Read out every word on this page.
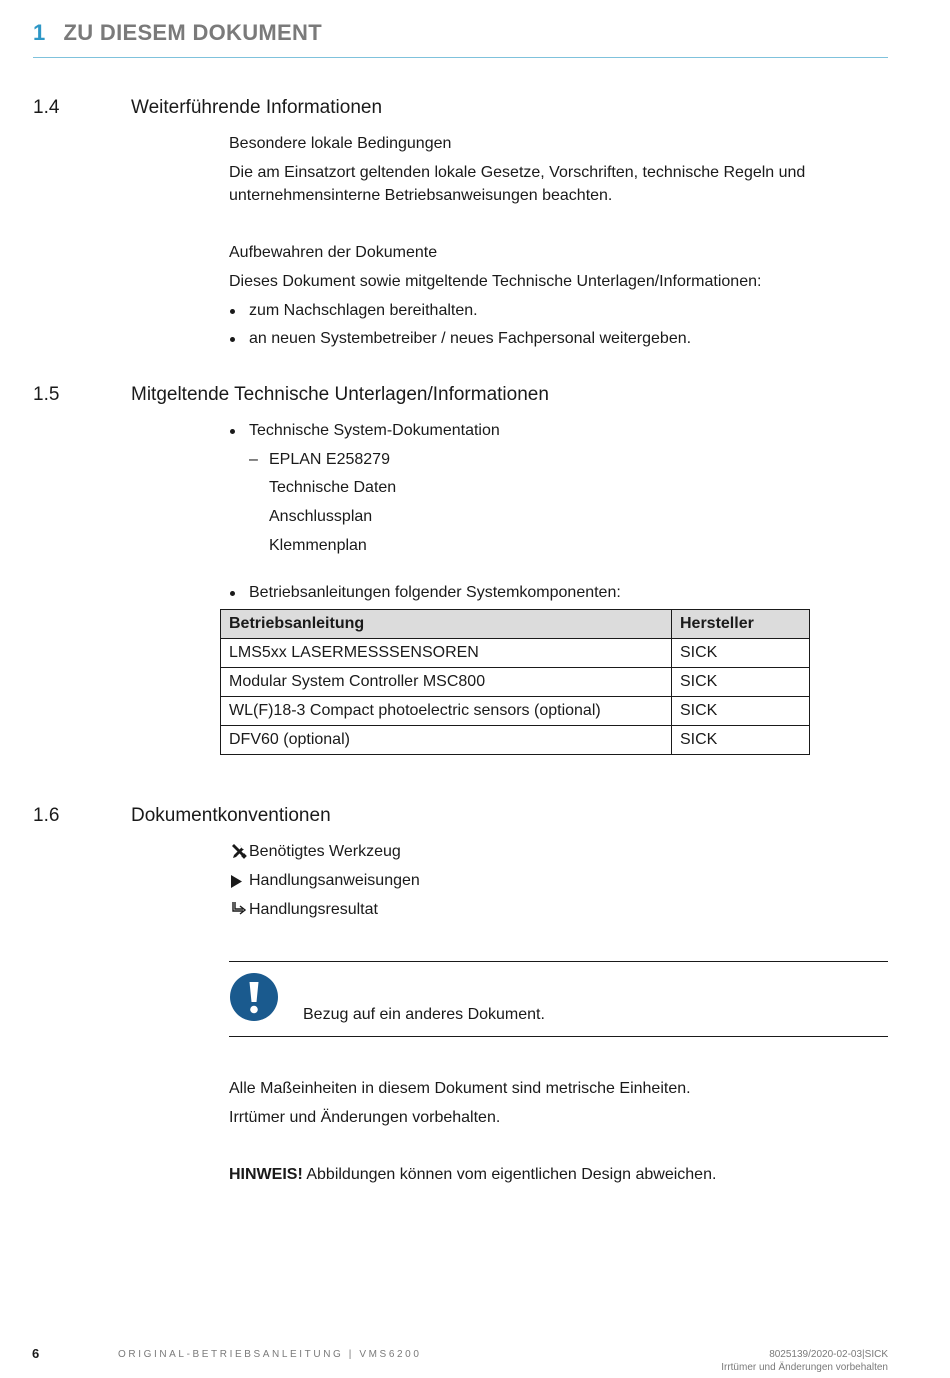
1 ZU DIESEM DOKUMENT
1.4	Weiterführende Informationen
Besondere lokale Bedingungen
Die am Einsatzort geltenden lokale Gesetze, Vorschriften, technische Regeln und
unternehmensinterne Betriebsanweisungen beachten.
Aufbewahren der Dokumente
Dieses Dokument sowie mitgeltende Technische Unterlagen/Informationen:
zum Nachschlagen bereithalten.
an neuen Systembetreiber / neues Fachpersonal weitergeben.
1.5	Mitgeltende Technische Unterlagen/Informationen
Technische System-Dokumentation
– EPLAN E258279
Technische Daten
Anschlussplan
Klemmenplan
Betriebsanleitungen folgender Systemkomponenten:
Betriebsanleitung	Hersteller
LMS5xx LASERMESSSENSOREN	SICK
Modular System Controller MSC800	SICK
WL(F)18-3 Compact photoelectric sensors (optional)	SICK
DFV60 (optional)	SICK
1.6	Dokumentkonventionen
Benötigtes Werkzeug
Handlungsanweisungen
Handlungsresultat
Bezug auf ein anderes Dokument.
Alle Maßeinheiten in diesem Dokument sind metrische Einheiten.
Irrtümer und Änderungen vorbehalten.
HINWEIS! Abbildungen können vom eigentlichen Design abweichen.
6	ORIGINAL-BETRIEBSANLEITUNG | VMS6200	8025139/2020-02-03|SICK
Irrtümer und Änderungen vorbehalten
